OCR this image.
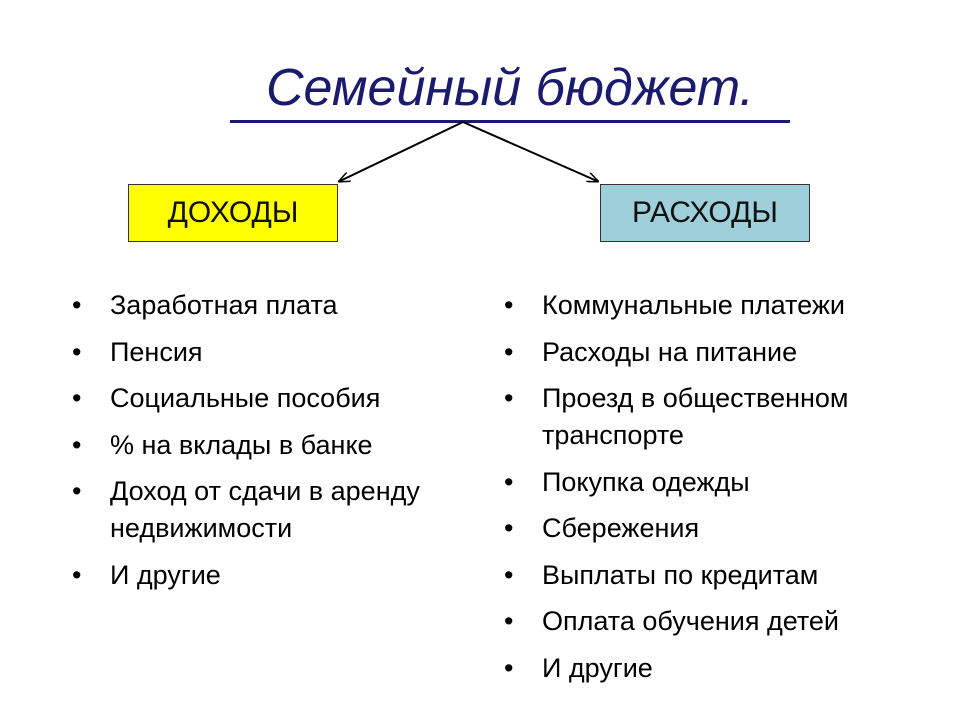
Семейный бюджет.
ДОХОДЫ	РАСХОДЫ
• Заработная плата
• Пенсия
• Социальные пособия
• % на вклады в банке
• Доход от сдачи в аренду недвижимости
• И другие
• Коммунальные платежи
• Расходы на питание
• Проезд в общественном транспорте
• Покупка одежды
• Сбережения
• Выплаты по кредитам
• Оплата обучения детей
• И другие
